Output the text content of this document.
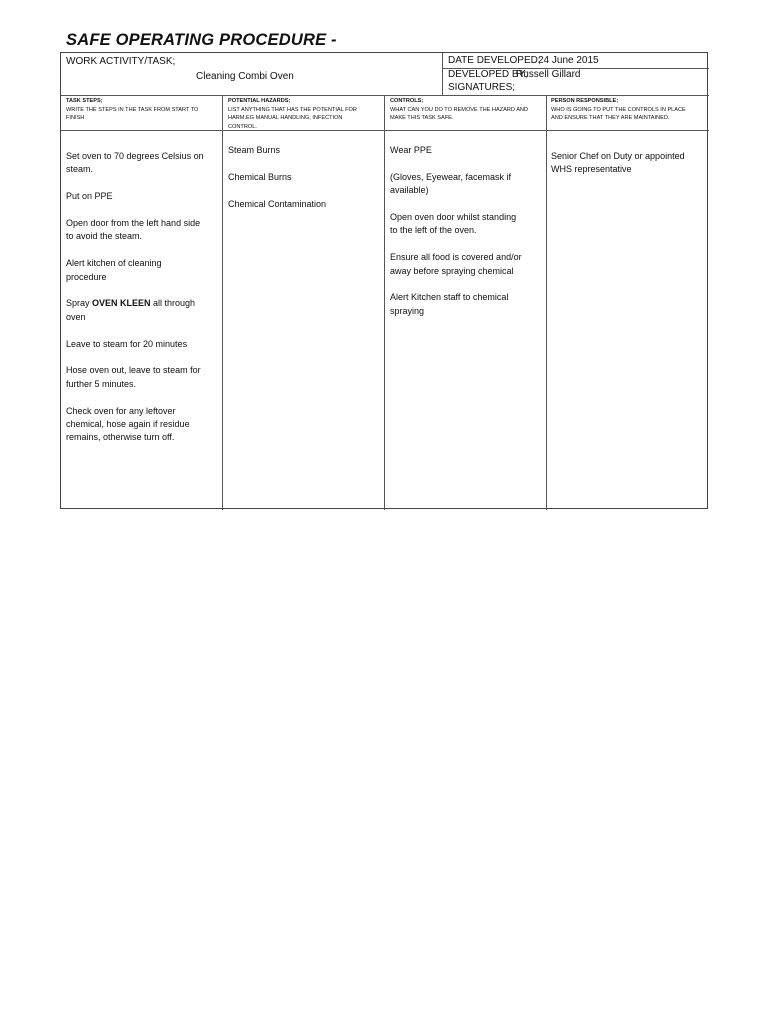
SAFE OPERATING PROCEDURE -
WORK ACTIVITY/TASK;
Cleaning Combi Oven
DATE DEVELOPED;
24 June 2015
DEVELOPED BY;
Russell Gillard
SIGNATURES;
TASK STEPS;
WRITE THE STEPS IN THE TASK FROM START TO
FINISH
POTENTIAL HAZARDS;
LIST ANYTHING THAT HAS THE POTENTIAL FOR
HARM.EG MANUAL HANDLING, INFECTION
CONTROL.
CONTROLS;
WHAT CAN YOU DO TO REMOVE THE HAZARD AND
MAKE THIS TASK SAFE.
PERSON RESPONSIBLE;
WHO IS GOING TO PUT THE CONTROLS IN PLACE
AND ENSURE THAT THEY ARE MAINTAINED.
Set oven to 70 degrees Celsius on
steam.
Put on PPE
Open door from the left hand side
to avoid the steam.
Alert kitchen of cleaning
procedure
Spray OVEN KLEEN all through
oven
Leave to steam for 20 minutes
Hose oven out, leave to steam for
further 5 minutes.
Check oven for any leftover
chemical, hose again if residue
remains, otherwise turn off.
Steam Burns
Chemical Burns
Chemical Contamination
Wear PPE
(Gloves, Eyewear, facemask if
available)
Open oven door whilst standing
to the left of the oven.
Ensure all food is covered and/or
away before spraying chemical
Alert Kitchen staff to chemical
spraying
Senior Chef on Duty or appointed
WHS representative
